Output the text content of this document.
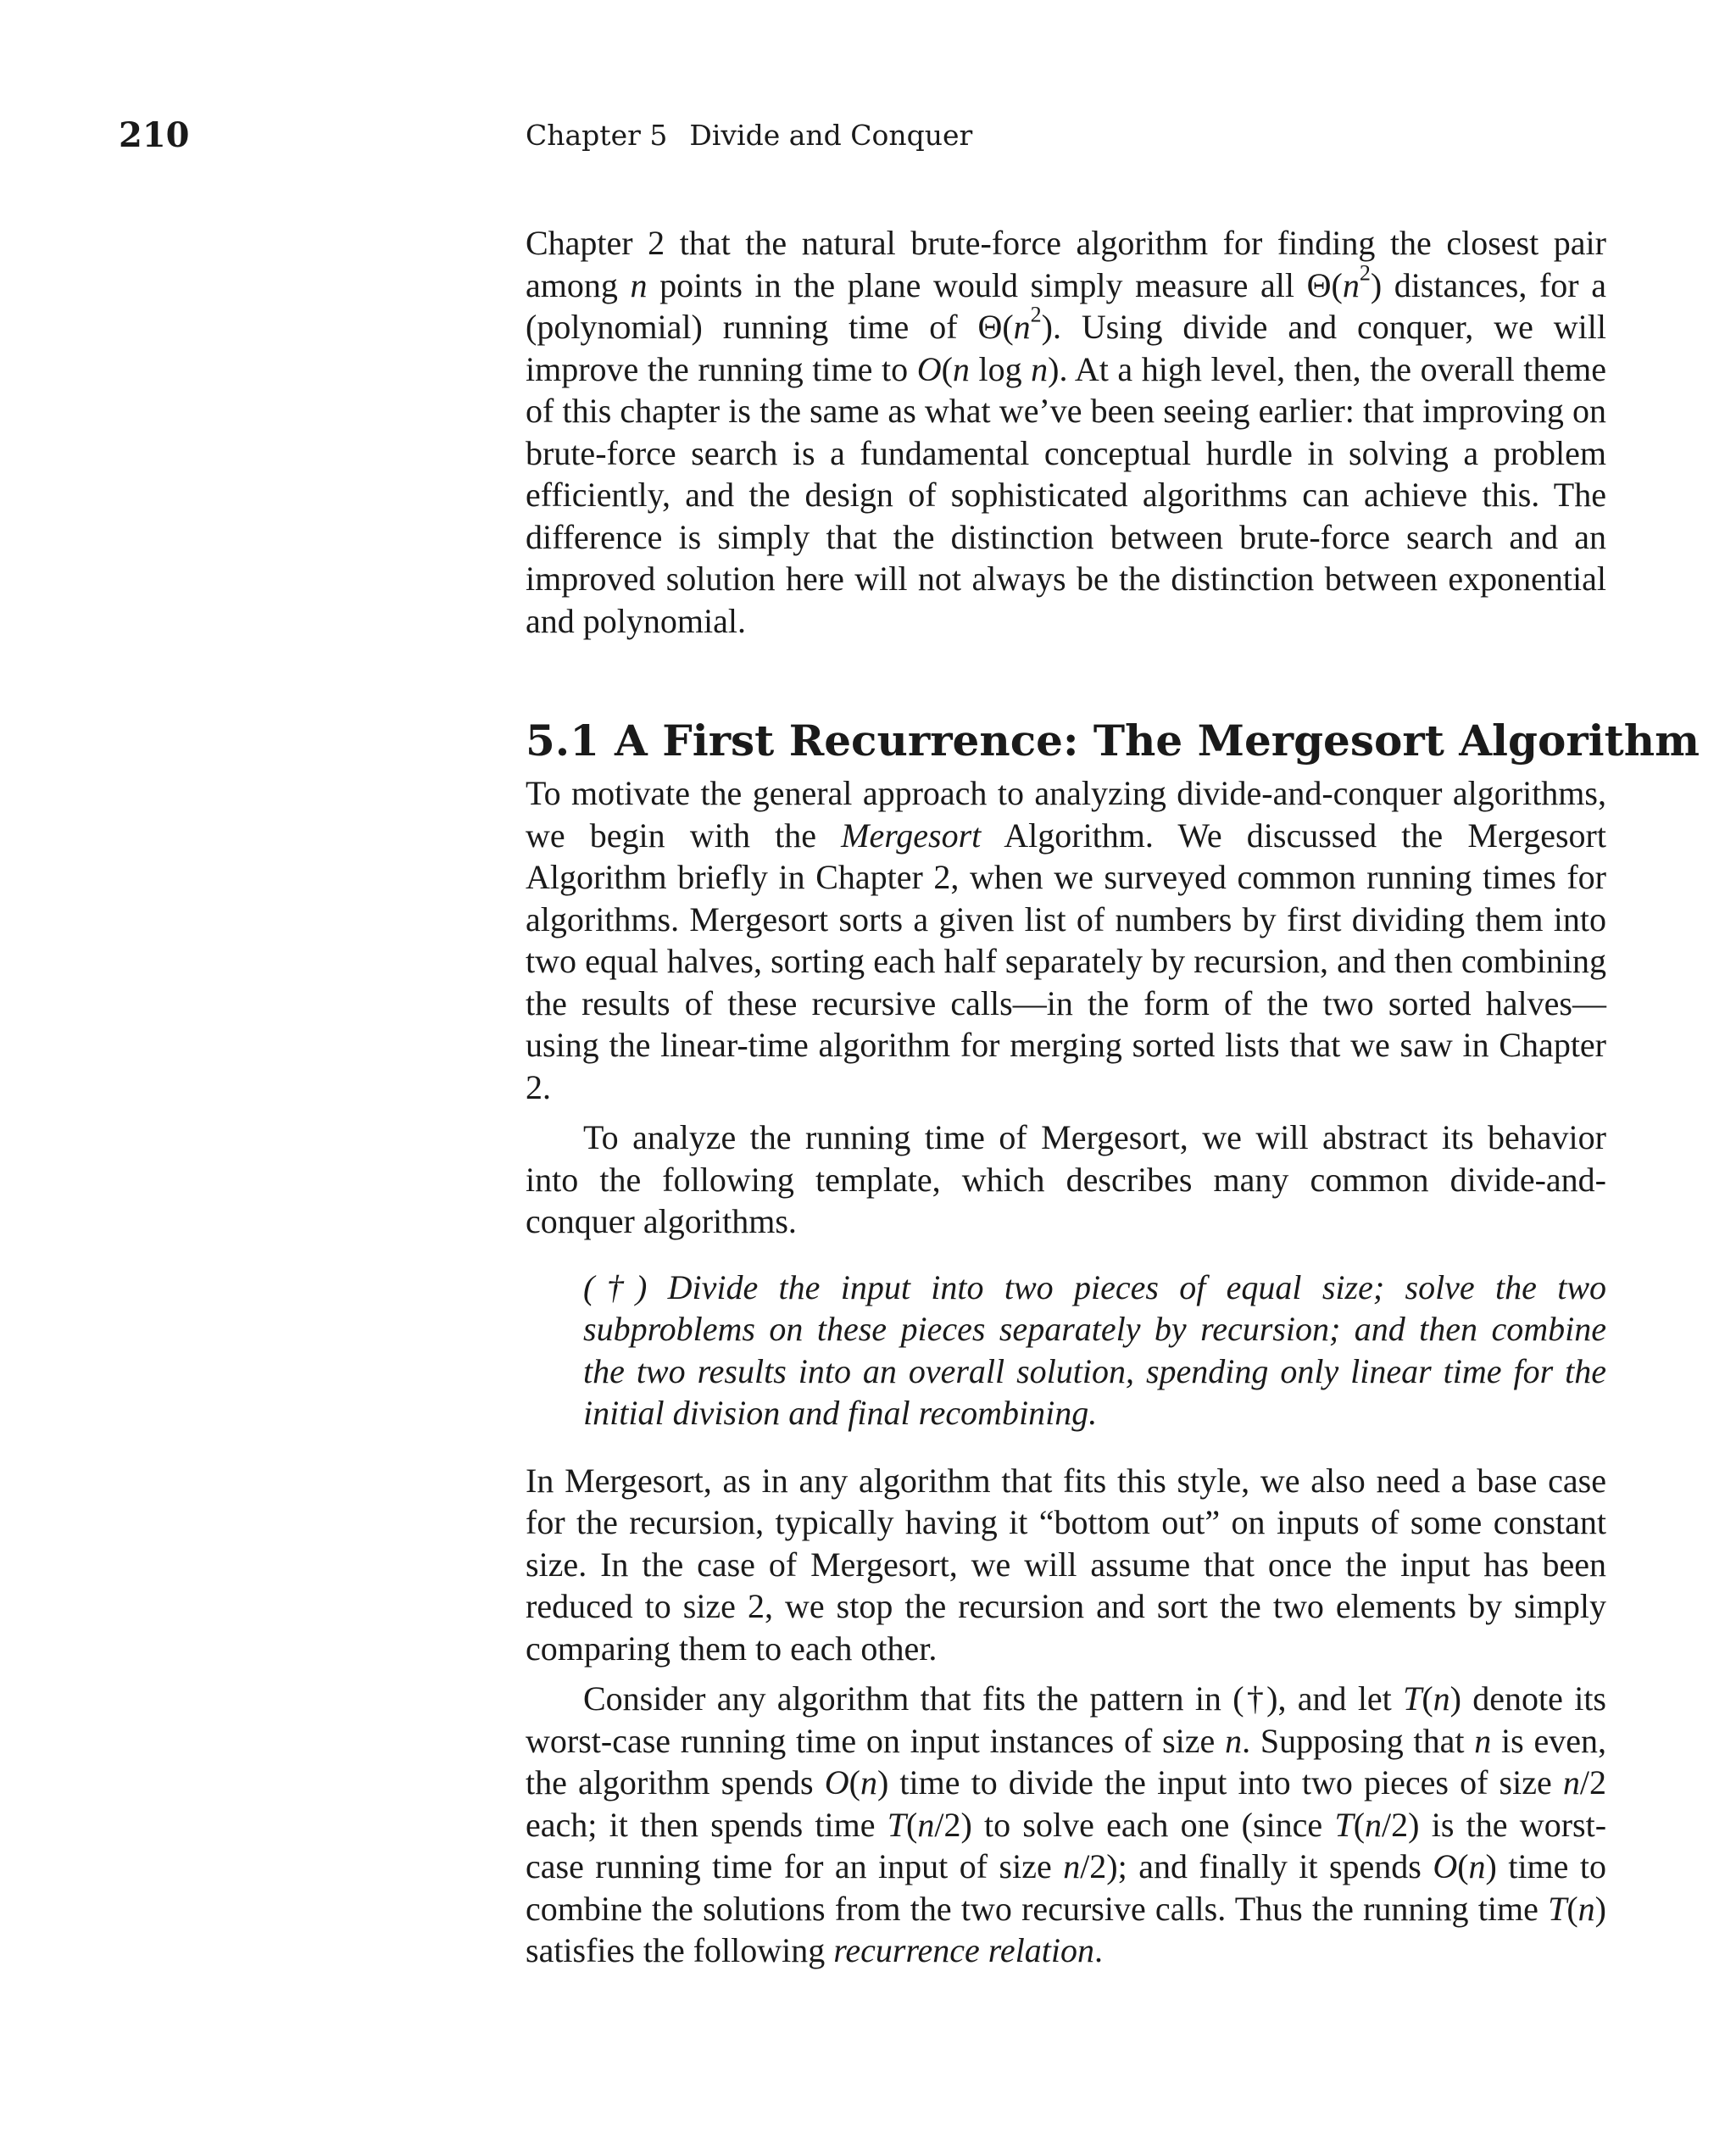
210	Chapter 5 Divide and Conquer

Chapter 2 that the natural brute-force algorithm for finding the closest pair among n points in the plane would simply measure all $\Theta(n^2)$ distances, for a (polynomial) running time of $\Theta(n^2)$. Using divide and conquer, we will improve the running time to O(n log n). At a high level, then, the overall theme of this chapter is the same as what we’ve been seeing earlier: that improving on brute-force search is a fundamental conceptual hurdle in solving a problem efficiently, and the design of sophisticated algorithms can achieve this. The difference is simply that the distinction between brute-force search and an improved solution here will not always be the distinction between exponential and polynomial.

5.1 A First Recurrence: The Mergesort Algorithm

To motivate the general approach to analyzing divide-and-conquer algorithms, we begin with the Mergesort Algorithm. We discussed the Mergesort Algorithm briefly in Chapter 2, when we surveyed common running times for algorithms. Mergesort sorts a given list of numbers by first dividing them into two equal halves, sorting each half separately by recursion, and then combining the results of these recursive calls—in the form of the two sorted halves—using the linear-time algorithm for merging sorted lists that we saw in Chapter 2.

To analyze the running time of Mergesort, we will abstract its behavior into the following template, which describes many common divide-and-conquer algorithms.

(†) Divide the input into two pieces of equal size; solve the two subproblems on these pieces separately by recursion; and then combine the two results into an overall solution, spending only linear time for the initial division and final recombining.

In Mergesort, as in any algorithm that fits this style, we also need a base case for the recursion, typically having it “bottom out” on inputs of some constant size. In the case of Mergesort, we will assume that once the input has been reduced to size 2, we stop the recursion and sort the two elements by simply comparing them to each other.

Consider any algorithm that fits the pattern in (†), and let T(n) denote its worst-case running time on input instances of size n. Supposing that n is even, the algorithm spends O(n) time to divide the input into two pieces of size n/2 each; it then spends time T(n/2) to solve each one (since T(n/2) is the worst-case running time for an input of size n/2); and finally it spends O(n) time to combine the solutions from the two recursive calls. Thus the running time T(n) satisfies the following recurrence relation.
